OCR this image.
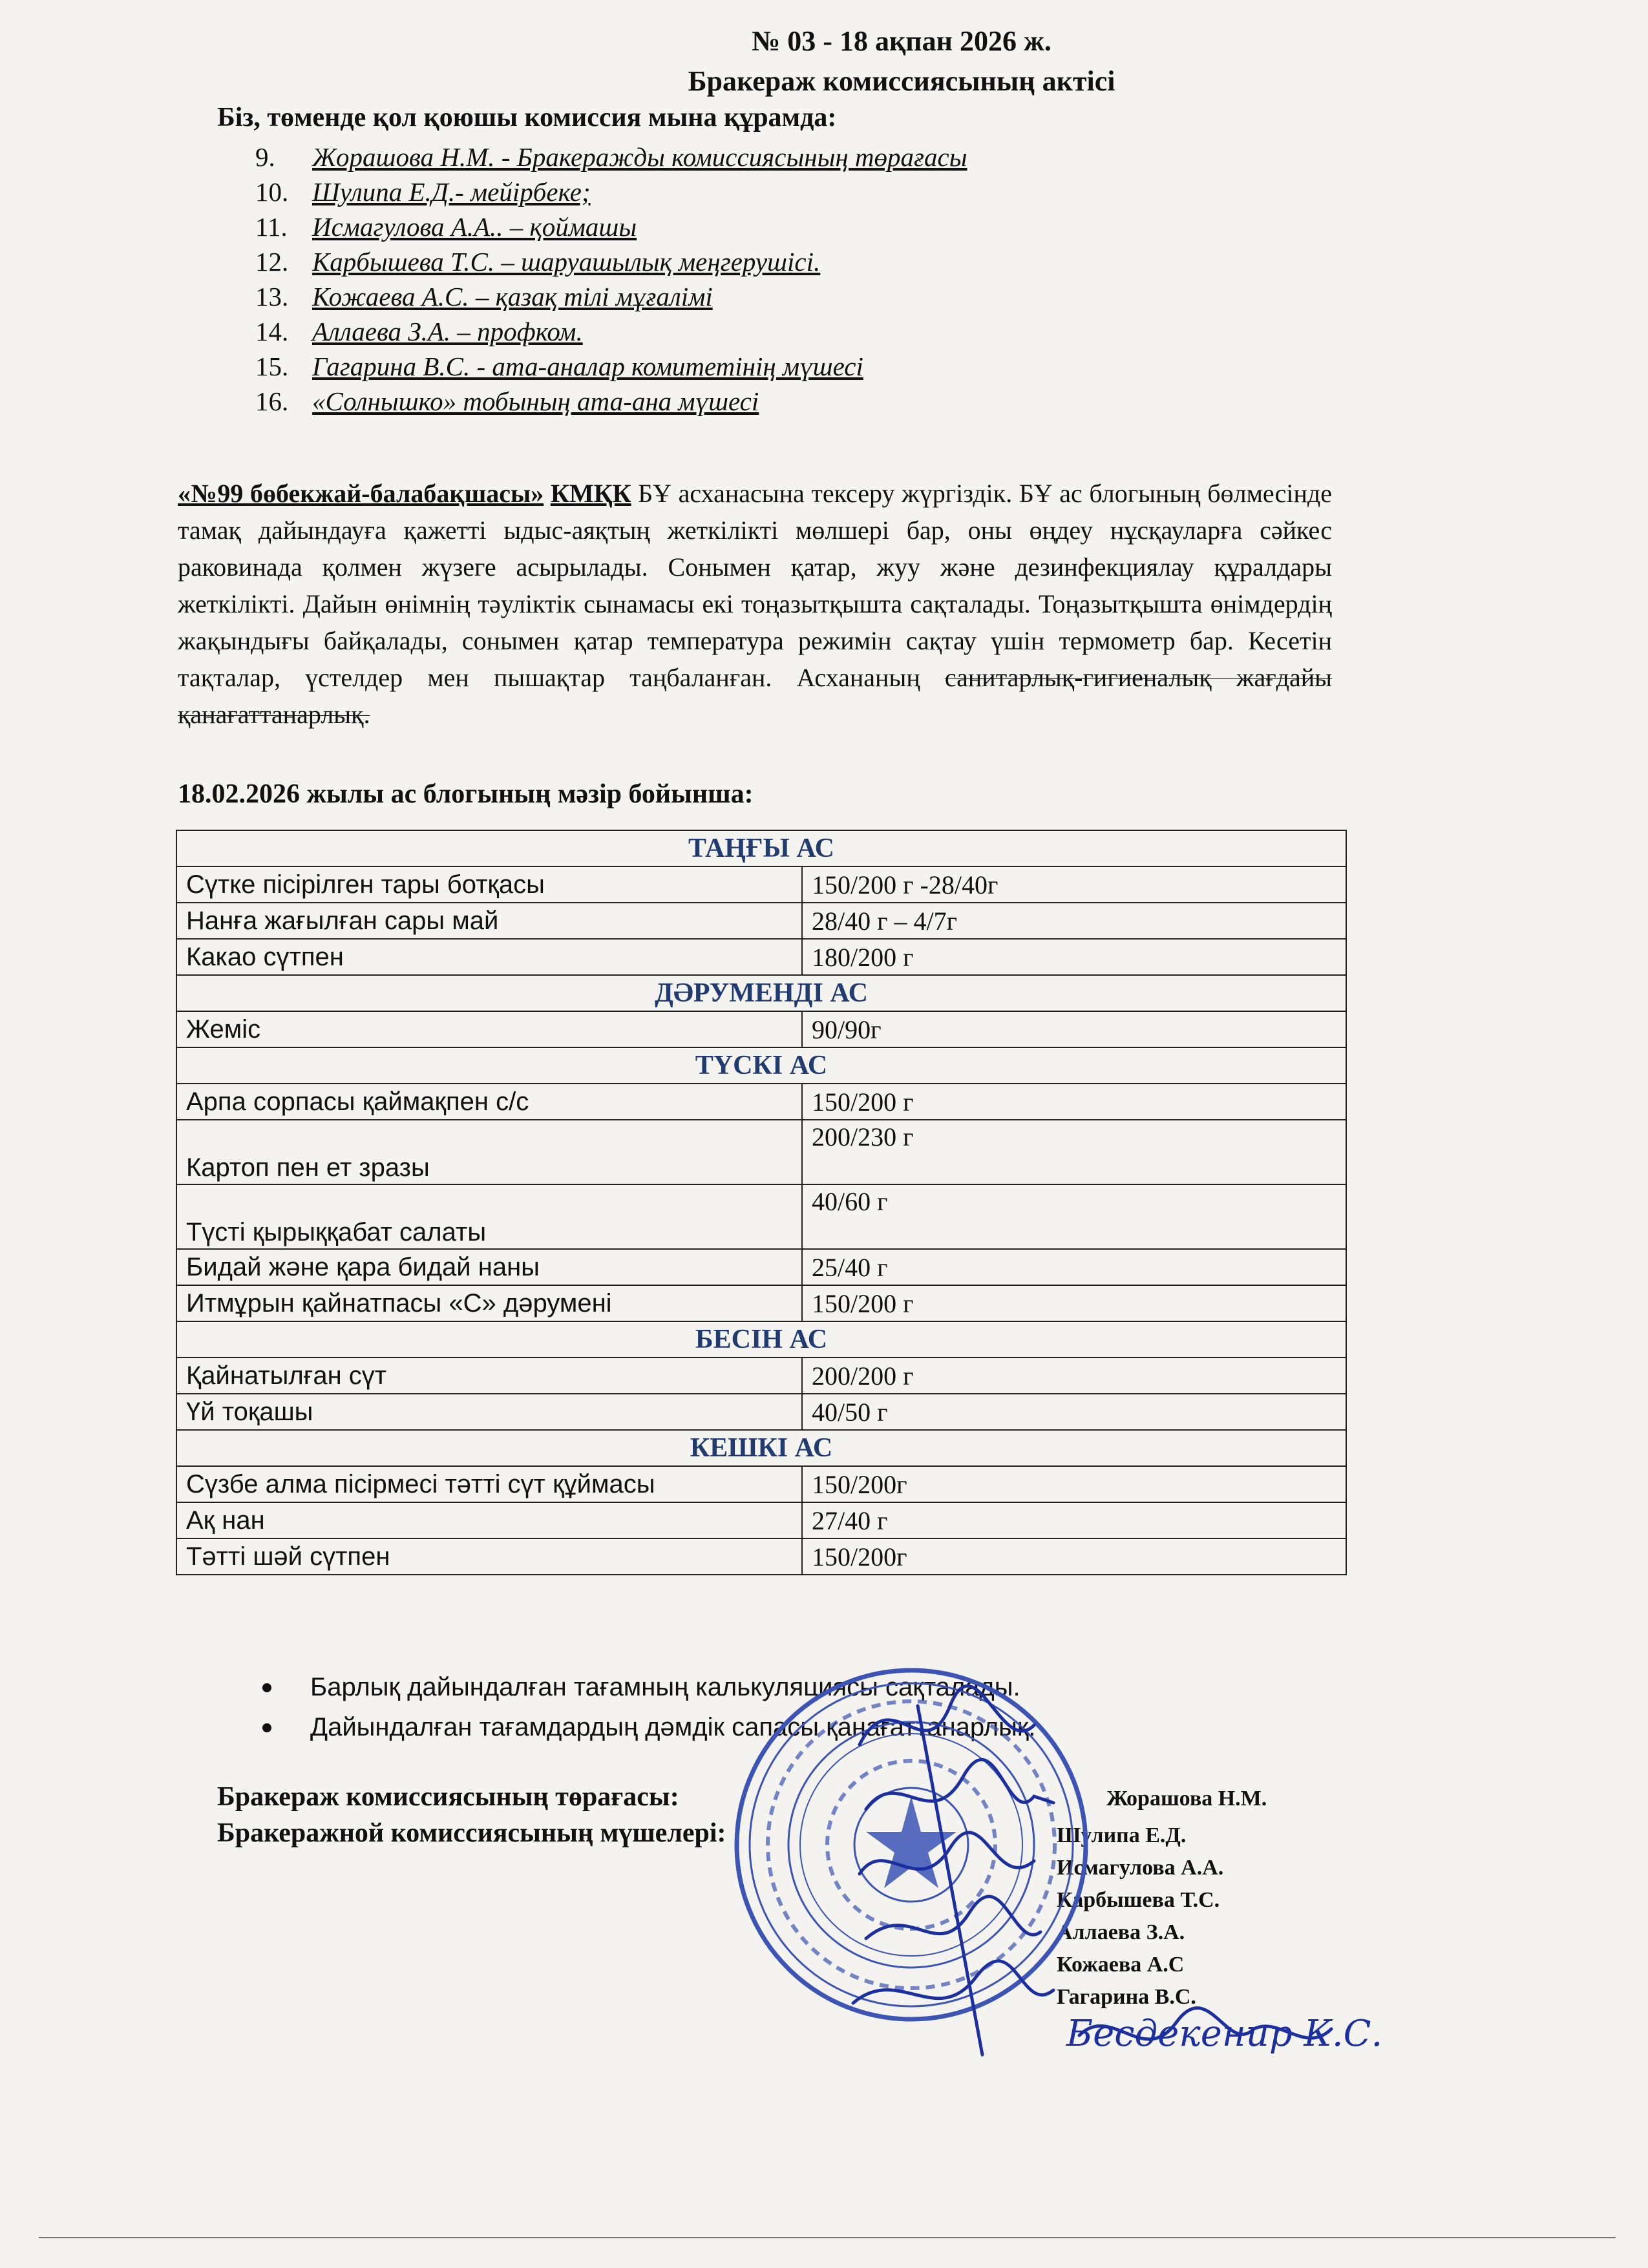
№ 03 - 18 ақпан 2026 ж.
Бракераж комиссиясының актісі
Біз, төменде қол қоюшы комиссия мына құрамда:
9. Жорашова Н.М. - Бракеражды комиссиясының төрағасы
10. Шулипа Е.Д.- мейірбеке;
11. Исмагулова А.А.. – қоймашы
12. Карбышева Т.С. – шаруашылық меңгерушісі.
13. Кожаева А.С. – қазақ тілі мұғалімі
14. Аллаева З.А. – профком.
15. Гагарина В.С. - ата-аналар комитетінің мүшесі
16. «Солнышко» тобының ата-ана мүшесі
«№99 бөбекжай-балабақшасы» КМҚК БҰ асханасына тексеру жүргіздік. БҰ ас блогының бөлмесінде тамақ дайындауға қажетті ыдыс-аяқтың жеткілікті мөлшері бар, оны өңдеу нұсқауларға сәйкес раковинада қолмен жүзеге асырылады. Сонымен қатар, жуу және дезинфекциялау құралдары жеткілікті. Дайын өнімнің тәуліктік сынамасы екі тоңазытқышта сақталады. Тоңазытқышта өнімдердің жақындығы байқалады, сонымен қатар температура режимін сақтау үшін термометр бар. Кесетін тақталар, үстелдер мен пышақтар таңбаланған. Асхананың санитарлық-гигиеналық жағдайы қанағаттанарлық.
18.02.2026 жылы ас блогының мәзір бойынша:
ТАҢҒЫ АС	
Сүтке пісірілген тары ботқасы	150/200 г -28/40г
Нанға жағылған сары май	28/40 г – 4/7г
Какао сүтпен	180/200 г
ДӘРУМЕНДІ АС	
Жеміс	90/90г
ТҮСКІ АС	
Арпа сорпасы қаймақпен с/с	150/200 г
Картоп пен ет зразы	200/230 г
Түсті қырыққабат салаты	40/60 г
Бидай және қара бидай наны	25/40 г
Итмұрын қайнатпасы «С» дәрумені	150/200 г
БЕСІН АС	
Қайнатылған сүт	200/200 г
Үй тоқашы	40/50 г
КЕШКІ АС	
Сүзбе алма пісірмесі тәтті сүт құймасы	150/200г
Ақ нан	27/40 г
Тәтті шәй сүтпен	150/200г
Барлық дайындалған тағамның калькуляциясы сақталады.
Дайындалған тағамдардың дәмдік сапасы қанағаттанарлық.
Бракераж комиссиясының төрағасы:	Жорашова Н.М.
Бракеражной комиссиясының мүшелері:	Шулипа Е.Д.
Исмагулова А.А.
Карбышева Т.С.
Аллаева З.А.
Кожаева А.С
Гагарина В.С.
Бесдекенир К.С.
